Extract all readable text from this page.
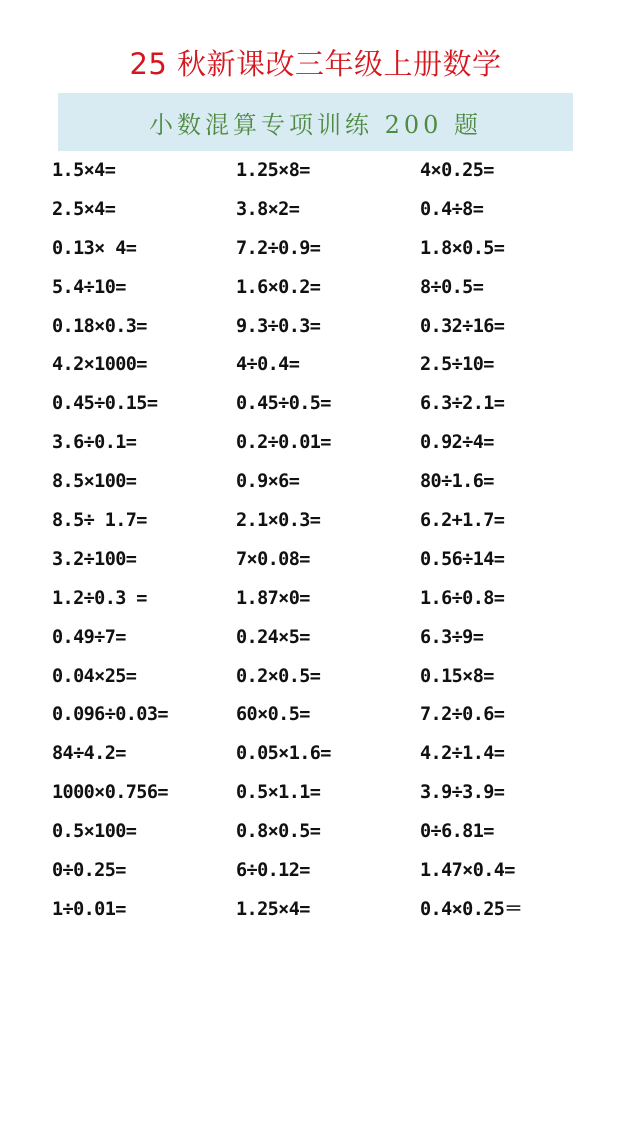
25 秋新课改三年级上册数学
小数混算专项训练 200 题
1.5×4=	1.25×8=	4×0.25=
2.5×4=	3.8×2=	0.4÷8=
0.13× 4=	7.2÷0.9=	1.8×0.5=
5.4÷10=	1.6×0.2=	8÷0.5=
0.18×0.3=	9.3÷0.3=	0.32÷16=
4.2×1000=	4÷0.4=	2.5÷10=
0.45÷0.15=	0.45÷0.5=	6.3÷2.1=
3.6÷0.1=	0.2÷0.01=	0.92÷4=
8.5×100=	0.9×6=	80÷1.6=
8.5÷ 1.7=	2.1×0.3=	6.2+1.7=
3.2÷100=	7×0.08=	0.56÷14=
1.2÷0.3 =	1.87×0=	1.6÷0.8=
0.49÷7=	0.24×5=	6.3÷9=
0.04×25=	0.2×0.5=	0.15×8=
0.096÷0.03=	60×0.5=	7.2÷0.6=
84÷4.2=	0.05×1.6=	4.2÷1.4=
1000×0.756=	0.5×1.1=	3.9÷3.9=
0.5×100=	0.8×0.5=	0÷6.81=
0÷0.25=	6÷0.12=	1.47×0.4=
1÷0.01=	1.25×4=	0.4×0.25＝
